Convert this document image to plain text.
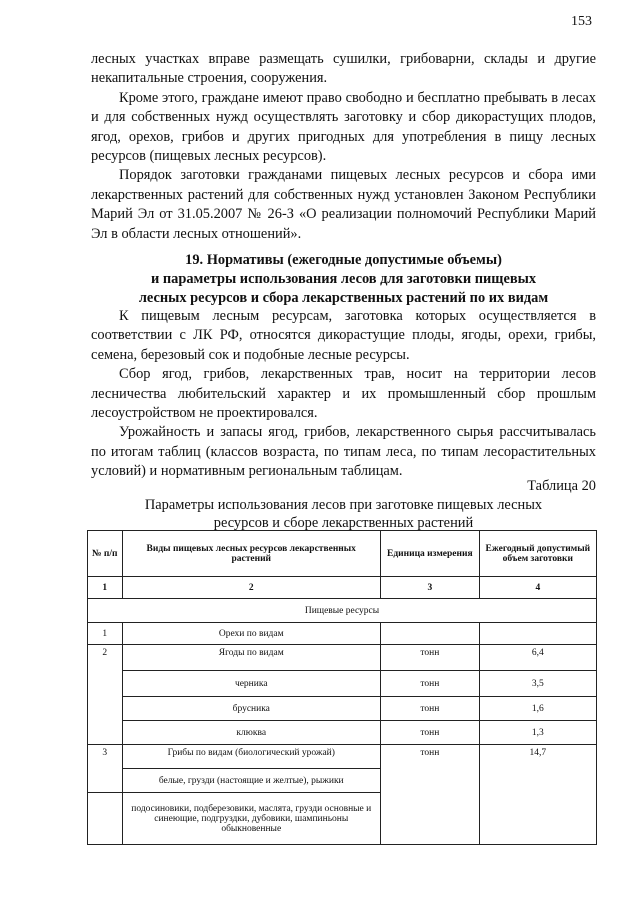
153

лесных участках вправе размещать сушилки, грибоварни, склады и другие некапитальные строения, сооружения.

Кроме этого, граждане имеют право свободно и бесплатно пребывать в лесах и для собственных нужд осуществлять заготовку и сбор дикорастущих плодов, ягод, орехов, грибов и других пригодных для употребления в пищу лесных ресурсов (пищевых лесных ресурсов).

Порядок заготовки гражданами пищевых лесных ресурсов и сбора ими лекарственных растений для собственных нужд установлен Законом Республики Марий Эл от 31.05.2007 № 26-З «О реализации полномочий Республики Марий Эл в области лесных отношений».

19. Нормативы (ежегодные допустимые объемы)
и параметры использования лесов для заготовки пищевых
лесных ресурсов и сбора лекарственных растений по их видам

К пищевым лесным ресурсам, заготовка которых осуществляется в соответствии с ЛК РФ, относятся дикорастущие плоды, ягоды, орехи, грибы, семена, березовый сок и подобные лесные ресурсы.

Сбор ягод, грибов, лекарственных трав, носит на территории лесов лесничества любительский характер и их промышленный сбор прошлым лесоустройством не проектировался.

Урожайность и запасы ягод, грибов, лекарственного сырья рассчитывалась по итогам таблиц (классов возраста, по типам леса, по типам лесорастительных условий) и нормативным региональным таблицам.

Таблица 20
Параметры использования лесов при заготовке пищевых лесных
ресурсов и сборе лекарственных растений
№ п/п	Виды пищевых лесных ресурсов лекарственных растений	Единица измерения	Ежегодный допустимый объем заготовки
1	2	3	4
Пищевые ресурсы			
1	Орехи по видам		
2	Ягоды по видам	тонн	6,4
	черника	тонн	3,5
	брусника	тонн	1,6
	клюква	тонн	1,3
3	Грибы по видам (биологический урожай)	тонн	14,7
	белые, грузди (настоящие и желтые), рыжики		
	подосиновики, подберезовики, маслята, грузди основные и синеющие, подгруздки, дубовики, шампиньоны обыкновенные		
